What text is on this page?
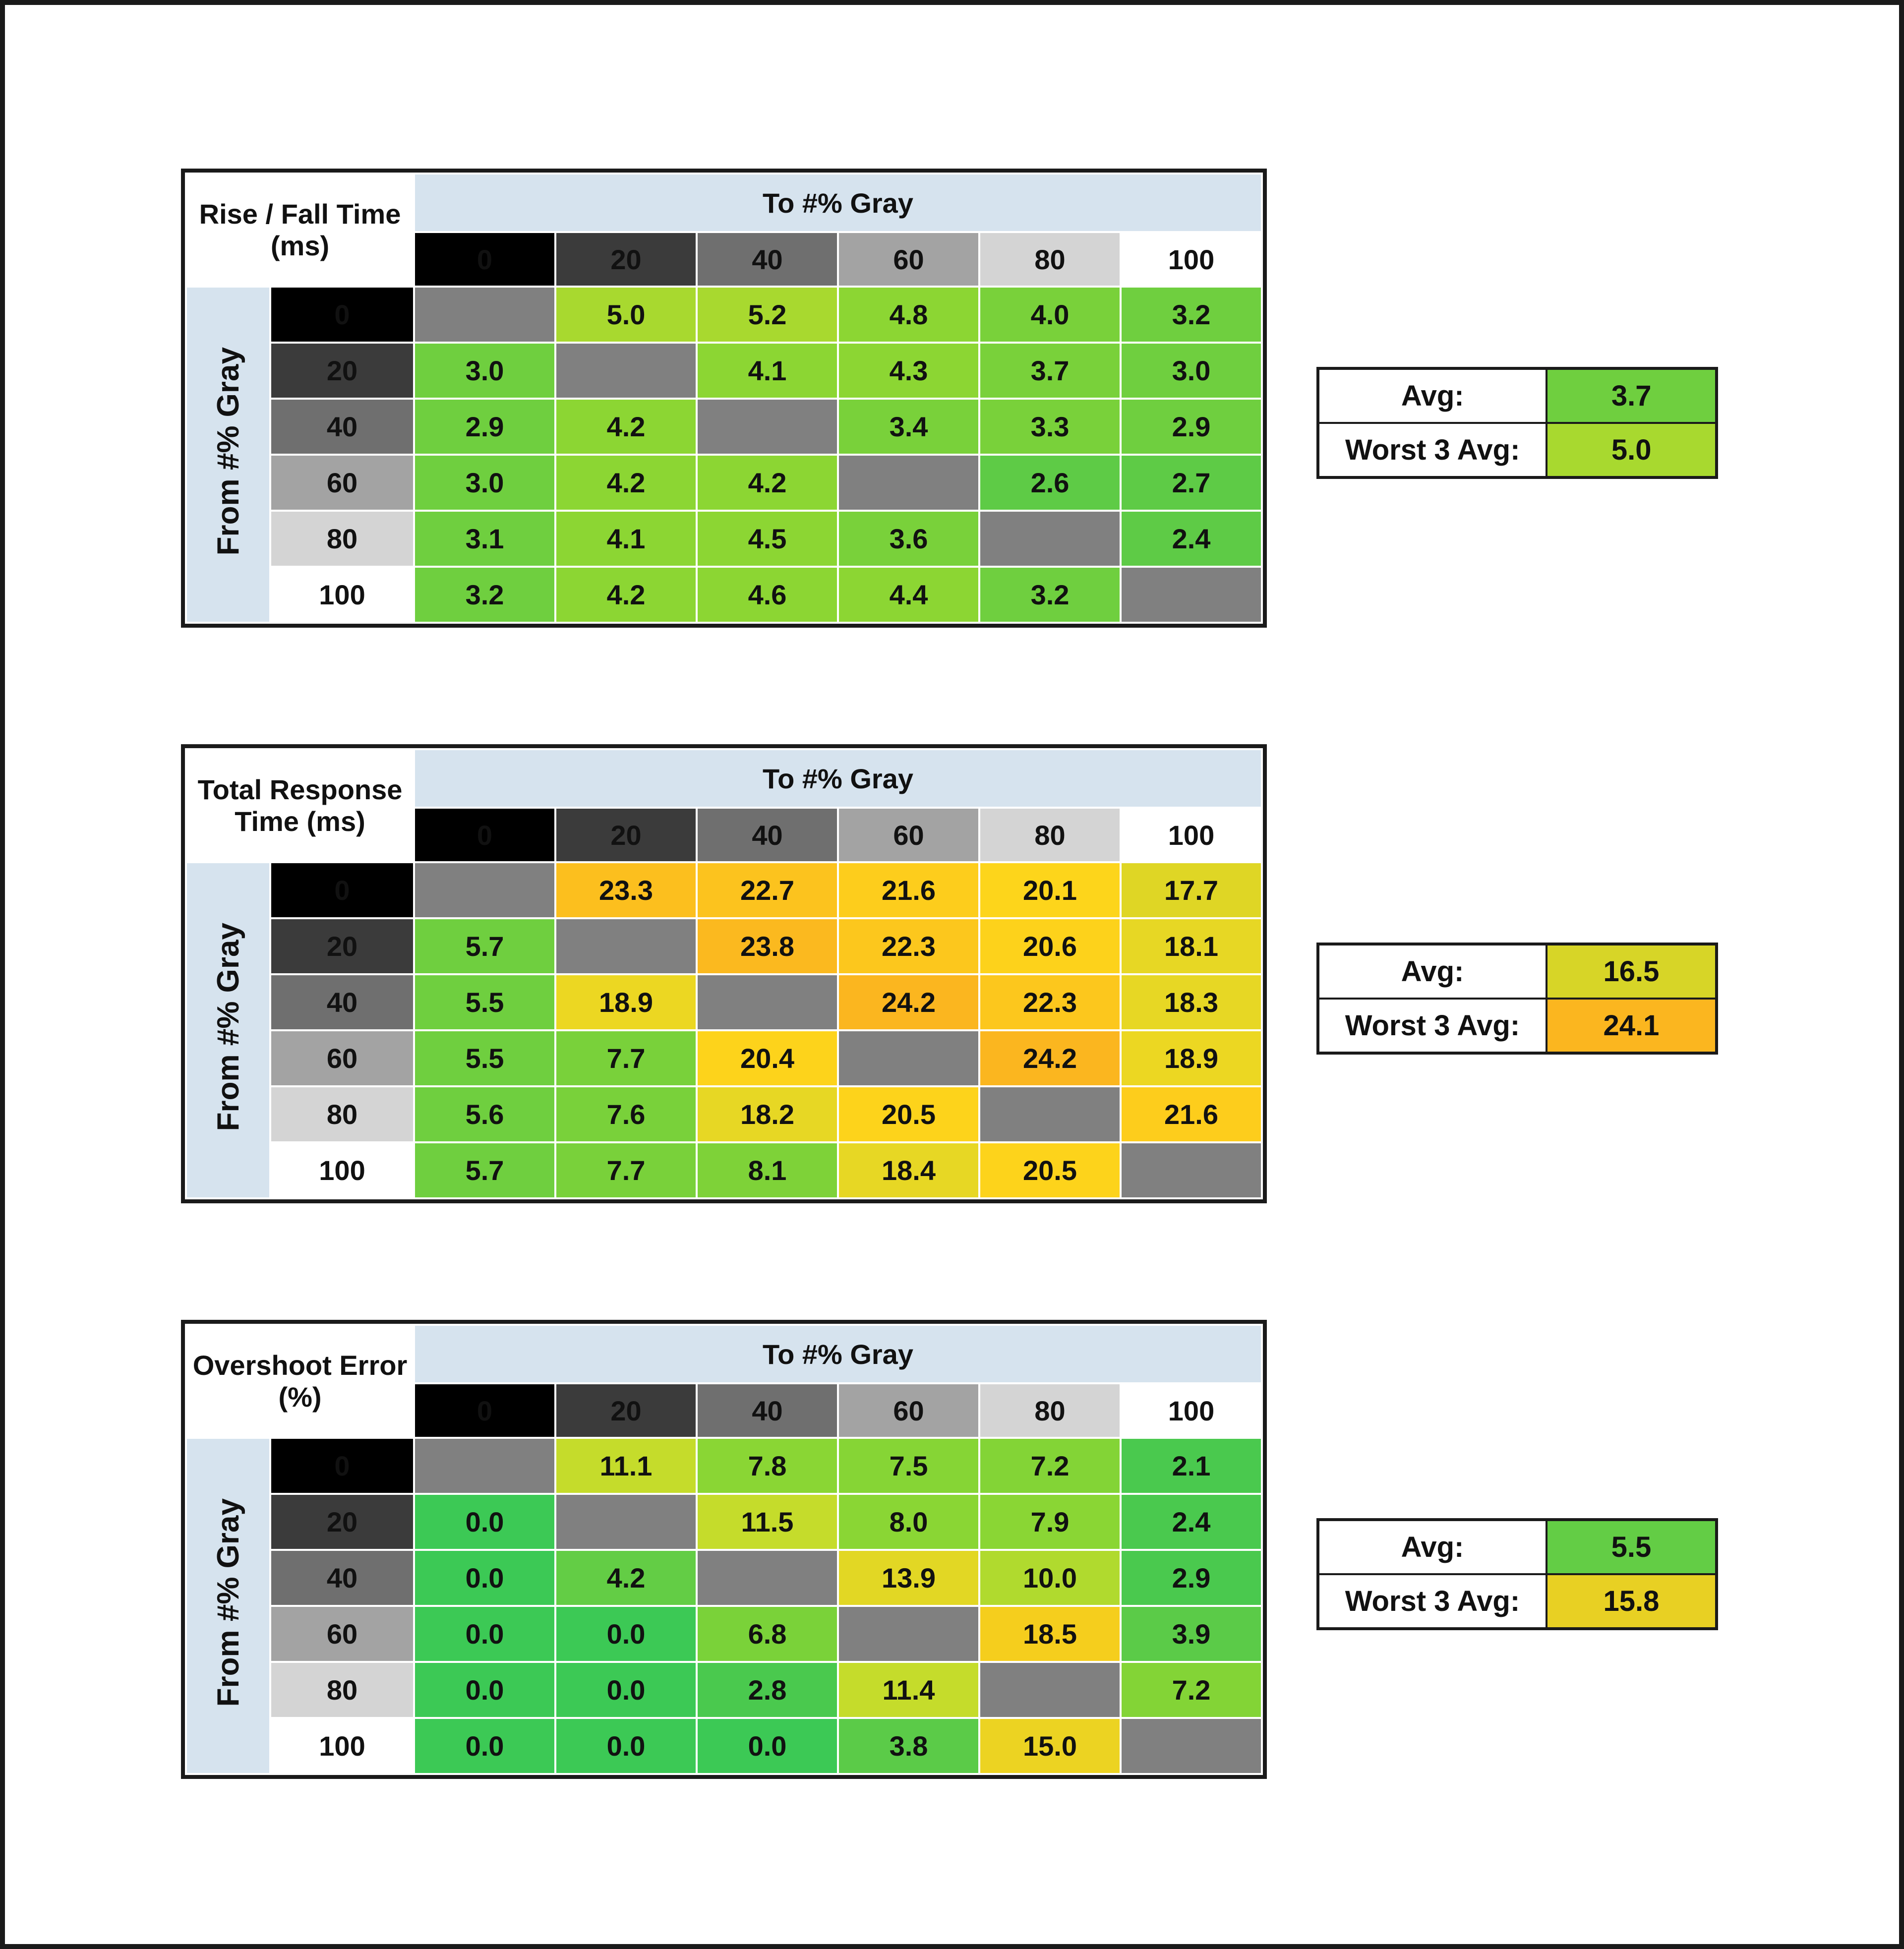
Rise / Fall Time (ms)		To #% Gray					
		0	20	40	60	80	100
From #% Gray	0		5.0	5.2	4.8	4.0	3.2
	20	3.0		4.1	4.3	3.7	3.0
	40	2.9	4.2		3.4	3.3	2.9
	60	3.0	4.2	4.2		2.6	2.7
	80	3.1	4.1	4.5	3.6		2.4
	100	3.2	4.2	4.6	4.4	3.2	
Avg:	3.7
Worst 3 Avg:	5.0
Total Response Time (ms)		To #% Gray					
		0	20	40	60	80	100
From #% Gray	0		23.3	22.7	21.6	20.1	17.7
	20	5.7		23.8	22.3	20.6	18.1
	40	5.5	18.9		24.2	22.3	18.3
	60	5.5	7.7	20.4		24.2	18.9
	80	5.6	7.6	18.2	20.5		21.6
	100	5.7	7.7	8.1	18.4	20.5	
Avg:	16.5
Worst 3 Avg:	24.1
Overshoot Error (%)		To #% Gray					
		0	20	40	60	80	100
From #% Gray	0		11.1	7.8	7.5	7.2	2.1
	20	0.0		11.5	8.0	7.9	2.4
	40	0.0	4.2		13.9	10.0	2.9
	60	0.0	0.0	6.8		18.5	3.9
	80	0.0	0.0	2.8	11.4		7.2
	100	0.0	0.0	0.0	3.8	15.0	
Avg:	5.5
Worst 3 Avg:	15.8
